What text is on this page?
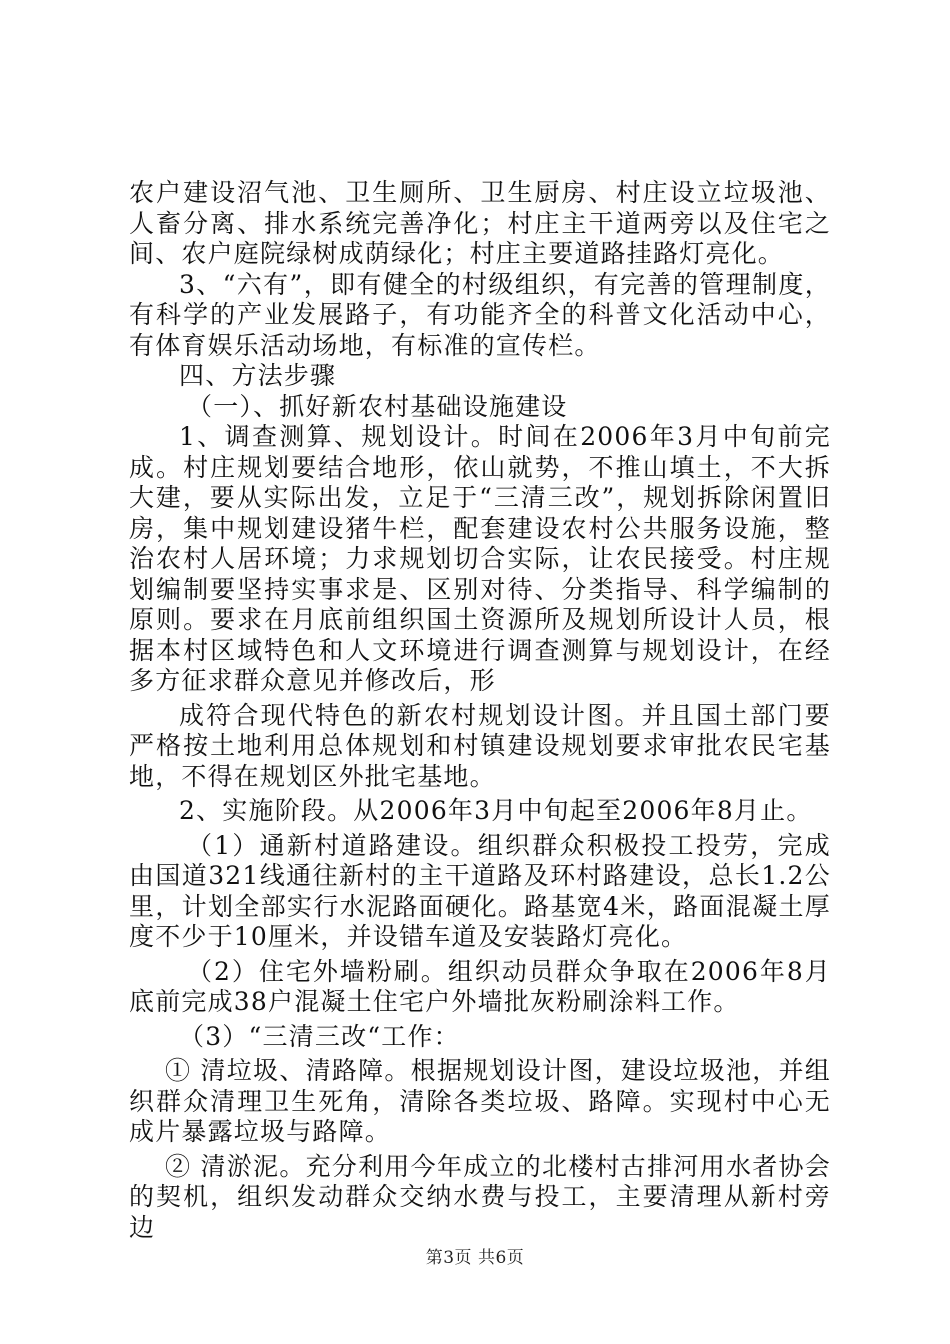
农户建设沼气池、卫生厕所、卫生厨房、村庄设立垃圾池、人畜分离、排水系统完善净化；村庄主干道两旁以及住宅之间、农户庭院绿树成荫绿化；村庄主要道路挂路灯亮化。

3、“六有”，即有健全的村级组织，有完善的管理制度，有科学的产业发展路子，有功能齐全的科普文化活动中心，有体育娱乐活动场地，有标准的宣传栏。

四、方法步骤

（一）、抓好新农村基础设施建设

1、调查测算、规划设计。时间在2006年3月中旬前完成。村庄规划要结合地形，依山就势，不推山填土，不大拆大建，要从实际出发，立足于“三清三改”，规划拆除闲置旧房，集中规划建设猪牛栏，配套建设农村公共服务设施，整治农村人居环境；力求规划切合实际，让农民接受。村庄规划编制要坚持实事求是、区别对待、分类指导、科学编制的原则。要求在月底前组织国土资源所及规划所设计人员，根据本村区域特色和人文环境进行调查测算与规划设计，在经多方征求群众意见并修改后，形

成符合现代特色的新农村规划设计图。并且国土部门要严格按土地利用总体规划和村镇建设规划要求审批农民宅基地，不得在规划区外批宅基地。

2、实施阶段。从2006年3月中旬起至2006年8月止。

（1）通新村道路建设。组织群众积极投工投劳，完成由国道321线通往新村的主干道路及环村路建设，总长1.2公里，计划全部实行水泥路面硬化。路基宽4米，路面混凝土厚度不少于10厘米，并设错车道及安装路灯亮化。

（2）住宅外墙粉刷。组织动员群众争取在2006年8月底前完成38户混凝土住宅户外墙批灰粉刷涂料工作。

（3）“三清三改“工作：

① 清垃圾、清路障。根据规划设计图，建设垃圾池，并组织群众清理卫生死角，清除各类垃圾、路障。实现村中心无成片暴露垃圾与路障。

② 清淤泥。充分利用今年成立的北楼村古排河用水者协会的契机，组织发动群众交纳水费与投工，主要清理从新村旁边

第3页 共6页
